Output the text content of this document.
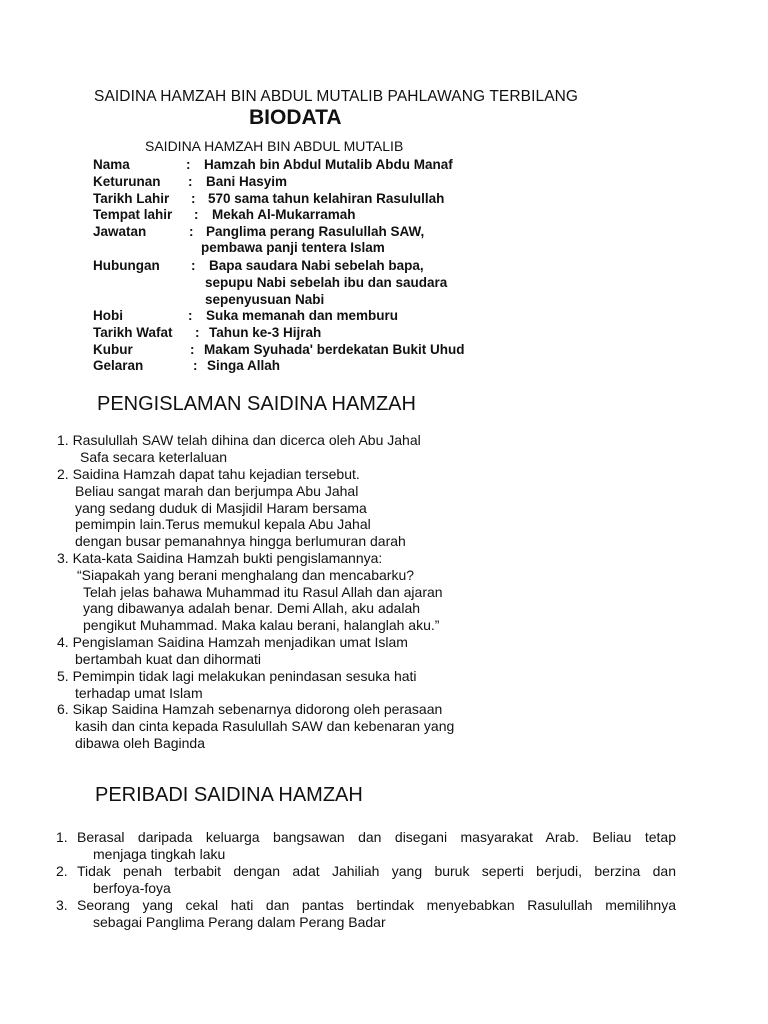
SAIDINA HAMZAH BIN ABDUL MUTALIB PAHLAWANG TERBILANG
BIODATA
SAIDINA HAMZAH BIN ABDUL MUTALIB
Nama	: Hamzah bin Abdul Mutalib Abdu Manaf
Keturunan : Bani Hasyim
Tarikh Lahir : 570 sama tahun kelahiran Rasulullah
Tempat lahir : Mekah Al-Mukarramah
Jawatan	: Panglima perang Rasulullah SAW,
pembawa panji tentera Islam
Hubungan : Bapa saudara Nabi sebelah bapa,
sepupu Nabi sebelah ibu dan saudara
sepenyusuan Nabi
Hobi	: Suka memanah dan memburu
Tarikh Wafat : Tahun ke-3 Hijrah
Kubur	: Makam Syuhada' berdekatan Bukit Uhud
Gelaran	: Singa Allah
PENGISLAMAN SAIDINA HAMZAH
1. Rasulullah SAW telah dihina dan dicerca oleh Abu Jahal
Safa secara keterlaluan
2. Saidina Hamzah dapat tahu kejadian tersebut.
Beliau sangat marah dan berjumpa Abu Jahal
yang sedang duduk di Masjidil Haram bersama
pemimpin lain.Terus memukul kepala Abu Jahal
dengan busar pemanahnya hingga berlumuran darah
3. Kata-kata Saidina Hamzah bukti pengislamannya:
“Siapakah yang berani menghalang dan mencabarku?
Telah jelas bahawa Muhammad itu Rasul Allah dan ajaran
yang dibawanya adalah benar. Demi Allah, aku adalah
pengikut Muhammad. Maka kalau berani, halanglah aku.”
4. Pengislaman Saidina Hamzah menjadikan umat Islam
bertambah kuat dan dihormati
5. Pemimpin tidak lagi melakukan penindasan sesuka hati
terhadap umat Islam
6. Sikap Saidina Hamzah sebenarnya didorong oleh perasaan
kasih dan cinta kepada Rasulullah SAW dan kebenaran yang
dibawa oleh Baginda
PERIBADI SAIDINA HAMZAH
1. Berasal daripada keluarga bangsawan dan disegani masyarakat Arab. Beliau tetap
menjaga tingkah laku
2. Tidak penah terbabit dengan adat Jahiliah yang buruk seperti berjudi, berzina dan
berfoya-foya
3. Seorang yang cekal hati dan pantas bertindak menyebabkan Rasulullah memilihnya
sebagai Panglima Perang dalam Perang Badar
